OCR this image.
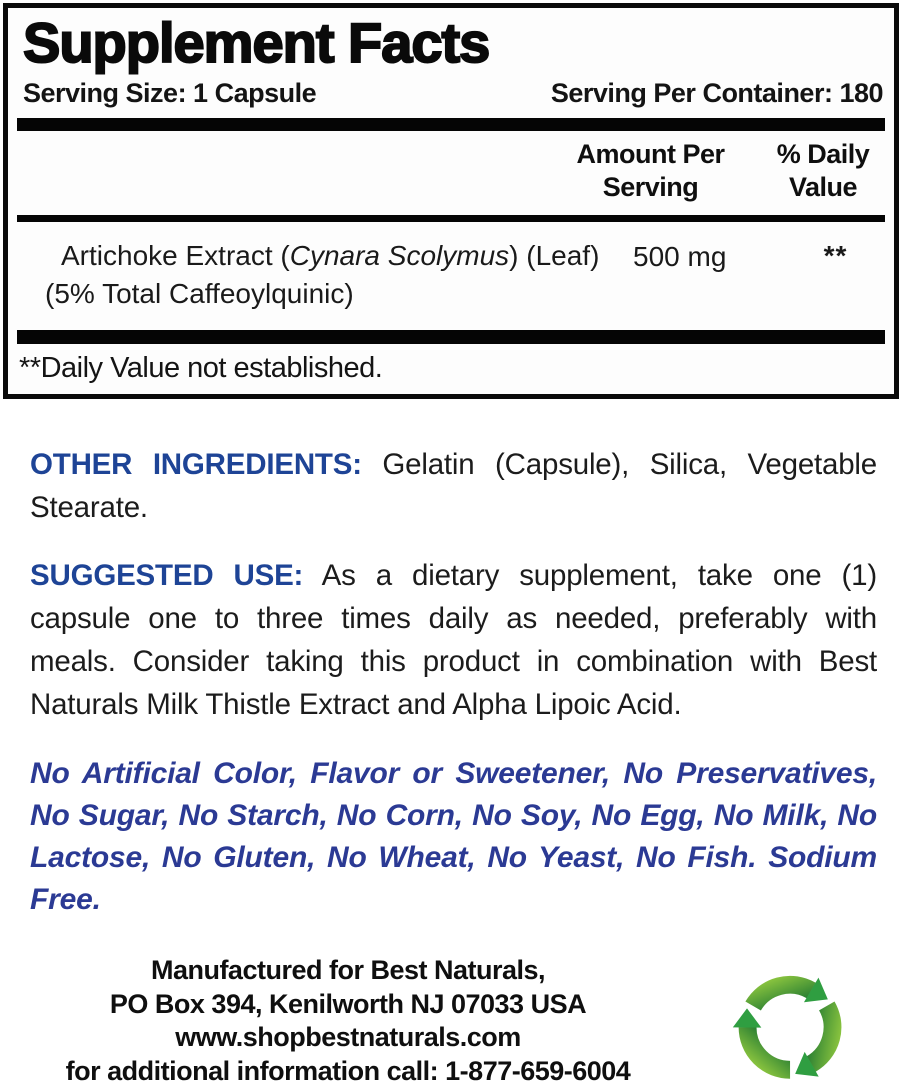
Supplement Facts
Serving Size: 1 Capsule	Serving Per Container: 180
Amount Per
Serving
% Daily
Value
Artichoke Extract (Cynara Scolymus) (Leaf)
(5% Total Caffeoylquinic)
500 mg	**
**Daily Value not established.

OTHER INGREDIENTS: Gelatin (Capsule), Silica, Vegetable Stearate.

SUGGESTED USE: As a dietary supplement, take one (1) capsule one to three times daily as needed, preferably with meals. Consider taking this product in combination with Best Naturals Milk Thistle Extract and Alpha Lipoic Acid.

No Artificial Color, Flavor or Sweetener, No Preservatives, No Sugar, No Starch, No Corn, No Soy, No Egg, No Milk, No Lactose, No Gluten, No Wheat, No Yeast, No Fish. Sodium Free.

Manufactured for Best Naturals,
PO Box 394, Kenilworth NJ 07033 USA
www.shopbestnaturals.com
for additional information call: 1-877-659-6004
